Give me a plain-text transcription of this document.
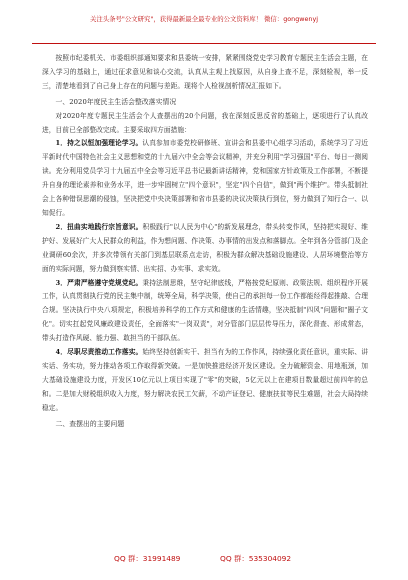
关注头条号"公文研究"，获得最新最全最专业的公文资料库！ 微信：gongwenyj

按照市纪委机关、市委组织部通知要求和县委统一安排，紧紧围绕党史学习教育专题民主生活会主题，在深入学习的基础上，通过征求意见和谈心交流，认真从主观上找原因，从自身上查不足，深刻检视，举一反三，清楚地看到了自己身上存在的问题与差距。现将个人检视剖析情况汇报如下。

一、2020年度民主生活会整改落实情况

对2020年度专题民主生活会个人查摆出的20个问题，我在深刻反思反省的基础上，逐项进行了认真改进，目前已全部整改完成。主要采取四方面措施：

1．持之以恒加强理论学习。认真参加市委党校研修班、宣讲会和县委中心组学习活动，系统学习了习近平新时代中国特色社会主义思想和党的十九届六中全会等会议精神，并充分利用"学习强国"平台、每日一测阅读。充分利用党员学习十九届五中全会等习近平总书记最新讲话精神，党和国家方针政策及工作部署，不断提升自身的理论素养和业务水平，进一步牢固树立"四个意识"，坚定"四个自信"，做到"两个维护"。带头抵制社会上各种错误思潮的侵蚀，坚决把党中央决策部署和省市县委的决议决策执行到位，努力做到了知行合一、以知促行。

2．扭曲实地践行宗旨意识。积极践行"以人民为中心"的新发展理念，带头转变作风，坚持把实现好、维护好、发展好广大人民群众的利益，作为想问题、作决策、办事情的出发点和落脚点。全年到各分管部门及企业调研60余次，并多次带领有关部门到基层联系点走访，积极为群众解决基础设施建设、人居环境整治等方面的实际问题，努力做到察实情、出实招、办实事、求实效。

3．严肃严格遵守党规党纪。秉持法制思维，坚守纪律底线，严格按党纪原则、政策法规、组织程序开展工作，认真贯彻执行党的民主集中制，统筹全局，科学决策，使自己的承担每一份工作都能经得起推敲、合理合规。坚决执行中央八项规定，积极培养科学的工作方式和健康的生活情趣，坚决抵制"四风"问题和"圈子文化"。切实扛起党风廉政建设责任，全面落实"一岗双责"，对分管部门层层传导压力，深化督查、形成常态，带头打造作风硬、能力强、敢担当的干部队伍。

4．尽职尽责推动工作落实。始终坚持创新实干、担当有为的工作作风，持续强化责任意识，重实际、讲实话、务实功，努力推动各项工作取得新突破。一是加快推进经济开发区建设。全力破解资金、用地瓶颈，加大基础设施建设力度，开发区10亿元以上项目实现了"零"的突破，5亿元以上在建项目数量超过前四年的总和。二是加大财税组织收入力度，努力解决农民工欠薪，不动产证登记、健康扶贫等民生难题，社会大局持续稳定。

二、查摆出的主要问题
QQ 群：31991489	QQ 群：535304092
